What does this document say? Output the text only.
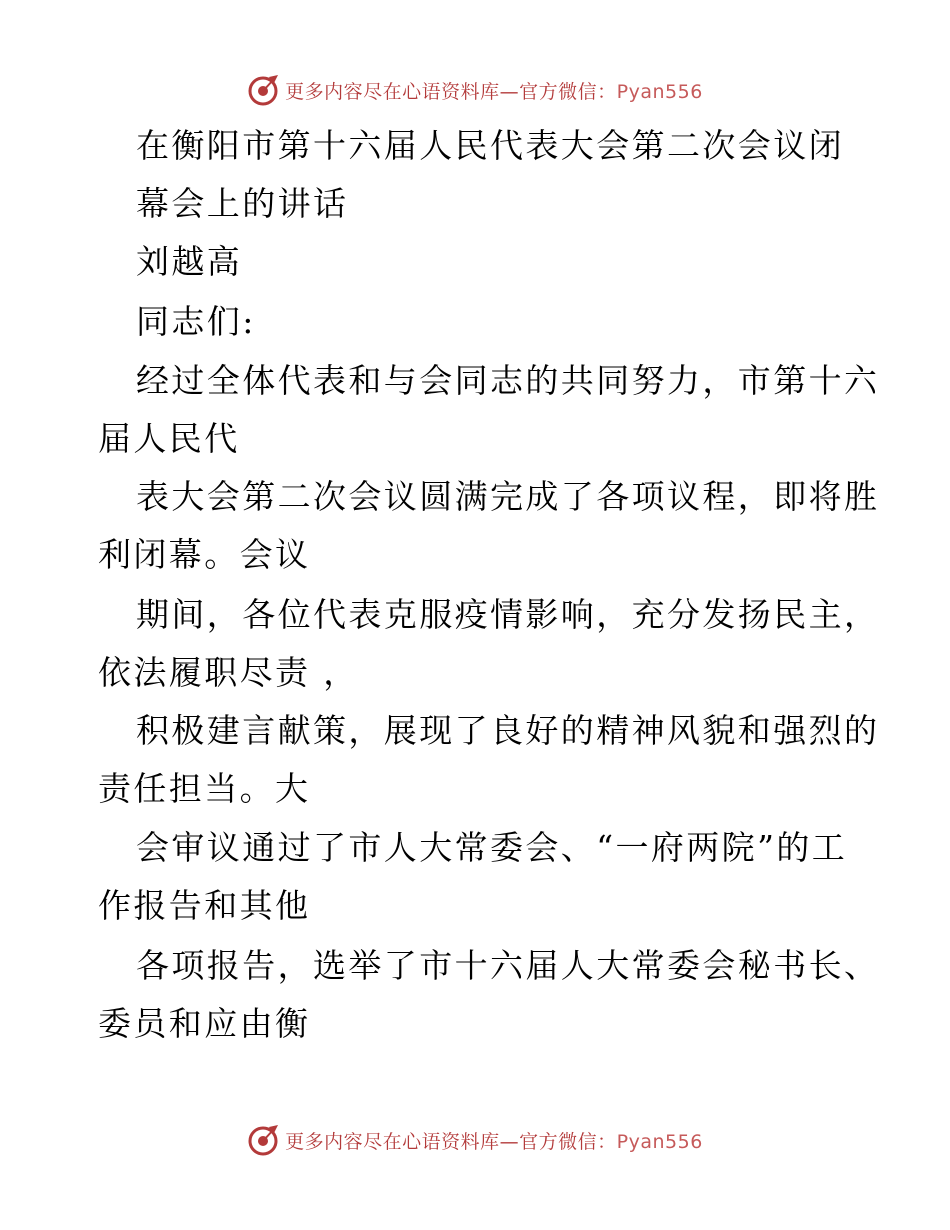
更多内容尽在心语资料库—官方微信：Pyan556
在衡阳市第十六届人民代表大会第二次会议闭
幕会上的讲话
刘越高
同志们:
经过全体代表和与会同志的共同努力，市第十六
届人民代
表大会第二次会议圆满完成了各项议程，即将胜
利闭幕。会议
期间，各位代表克服疫情影响，充分发扬民主，
依法履职尽责 ，
积极建言献策，展现了良好的精神风貌和强烈的
责任担当。大
会审议通过了市人大常委会、“一府两院”的工
作报告和其他
各项报告，选举了市十六届人大常委会秘书长、
委员和应由衡
更多内容尽在心语资料库—官方微信：Pyan556
